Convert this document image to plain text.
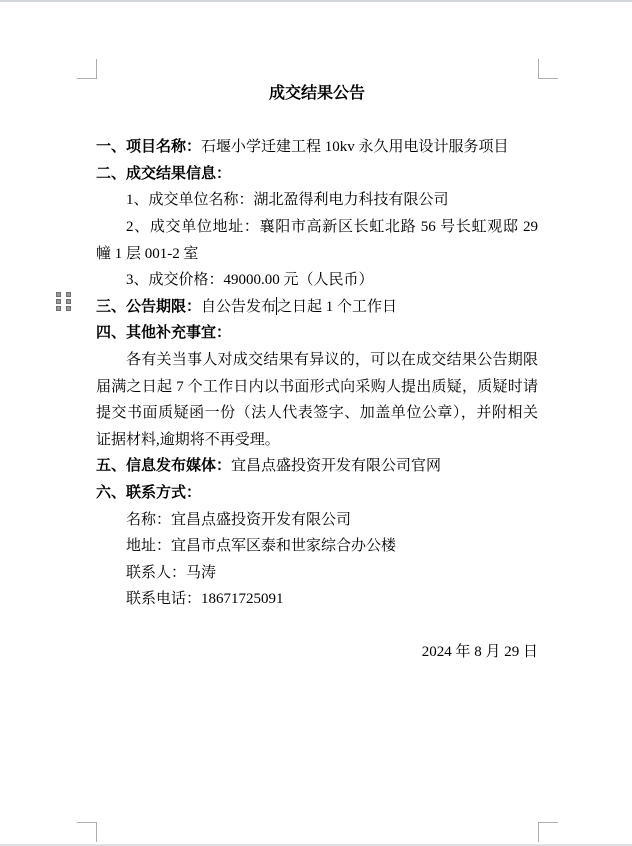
成交结果公告

一、项目名称：石堰小学迁建工程 10kv 永久用电设计服务项目

二、成交结果信息：

1、成交单位名称：湖北盈得利电力科技有限公司

2、成交单位地址：襄阳市高新区长虹北路 56 号长虹观邸 29 幢 1 层 001-2 室

3、成交价格：49000.00 元（人民币）

三、公告期限：自公告发布之日起 1 个工作日

四、其他补充事宜：

各有关当事人对成交结果有异议的，可以在成交结果公告期限届满之日起 7 个工作日内以书面形式向采购人提出质疑，质疑时请提交书面质疑函一份（法人代表签字、加盖单位公章），并附相关证据材料,逾期将不再受理。

五、信息发布媒体：宜昌点盛投资开发有限公司官网

六、联系方式：

名称：宜昌点盛投资开发有限公司

地址：宜昌市点军区泰和世家综合办公楼

联系人：马涛

联系电话：18671725091

2024 年 8 月 29 日
